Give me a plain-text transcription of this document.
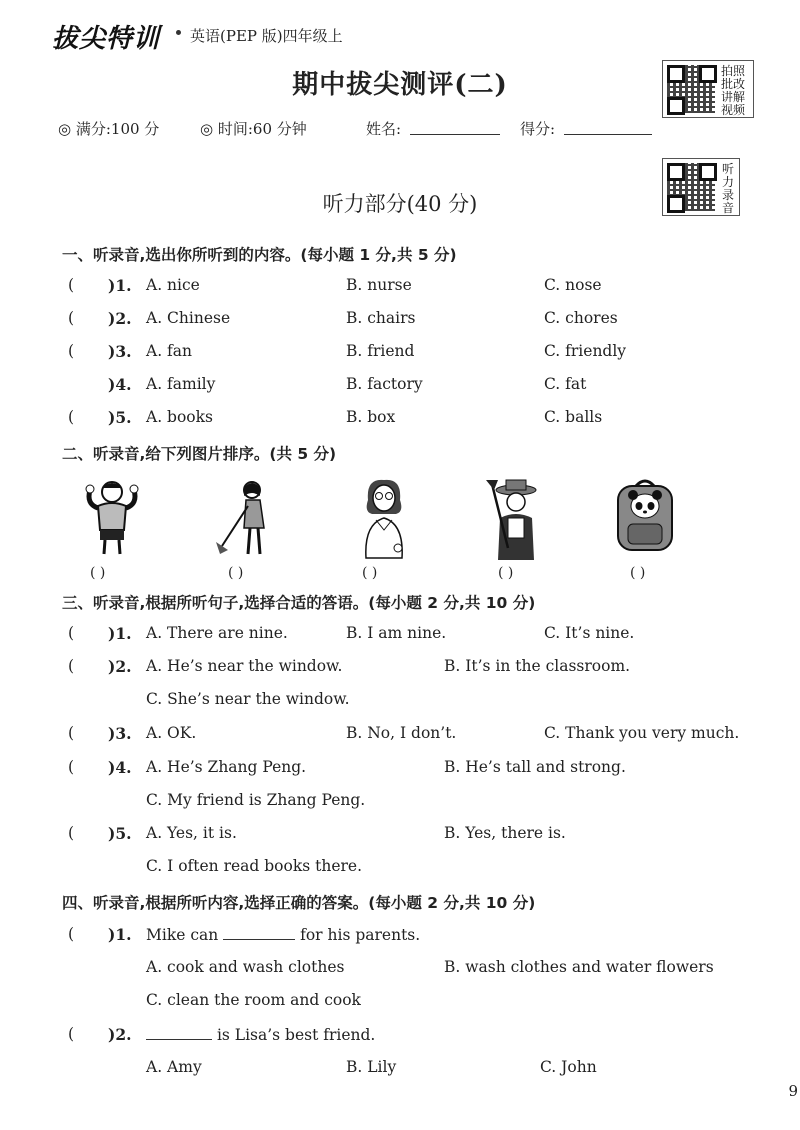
拔尖特训 英语(PEP 版)四年级上
期中拔尖测评(二)	拍照批改 讲解视频
◎ 满分:100 分	◎ 时间:60 分钟	姓名:	得分:
听力录音
听力部分(40 分)
一、听录音,选出你所听到的内容。(每小题 1 分,共 5 分)
( )1. A. nice	B. nurse	C. nose
( )2. A. Chinese	B. chairs	C. chores
( )3. A. fan	B. friend	C. friendly
)4. A. family	B. factory	C. fat
( )5. A. books	B. box	C. balls
二、听录音,给下列图片排序。(共 5 分)
( )	( )	( )	( )	( )
三、听录音,根据所听句子,选择合适的答语。(每小题 2 分,共 10 分)
( )1. A. There are nine.	B. I am nine.	C. It’s nine.
( )2. A. He’s near the window.	B. It’s in the classroom.
C. She’s near the window.
( )3. A. OK.	B. No, I don’t.	C. Thank you very much.
( )4. A. He’s Zhang Peng.	B. He’s tall and strong.
C. My friend is Zhang Peng.
( )5. A. Yes, it is.	B. Yes, there is.
C. I often read books there.
四、听录音,根据所听内容,选择正确的答案。(每小题 2 分,共 10 分)
( )1. Mike can	for his parents.
A. cook and wash clothes	B. wash clothes and water flowers
C. clean the room and cook
( )2.	is Lisa’s best friend.
A. Amy	B. Lily	C. John
9
